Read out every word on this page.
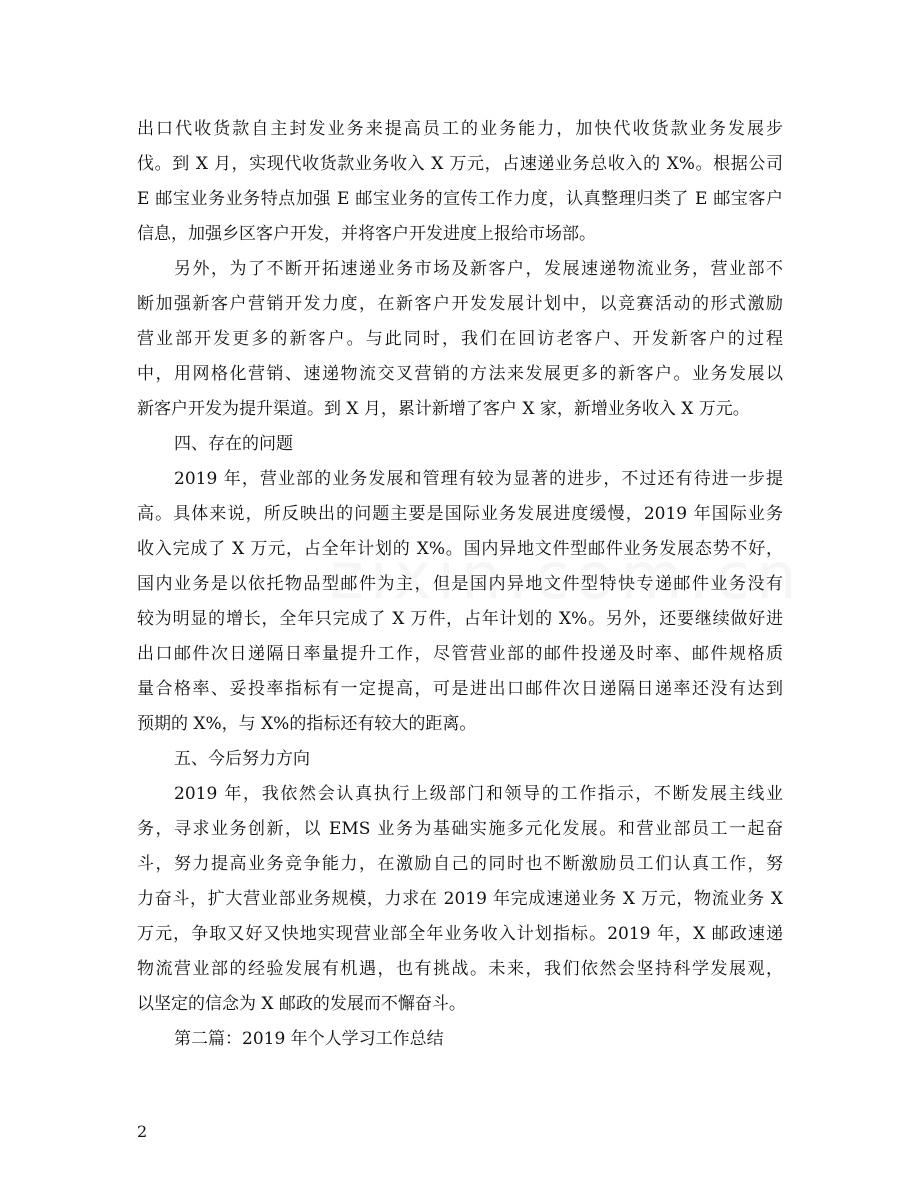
出口代收货款自主封发业务来提高员工的业务能力，加快代收货款业务发展步
伐。到 X 月，实现代收货款业务收入 X 万元，占速递业务总收入的 X%。根据公司
E 邮宝业务业务特点加强 E 邮宝业务的宣传工作力度，认真整理归类了 E 邮宝客户
信息，加强乡区客户开发，并将客户开发进度上报给市场部。
另外，为了不断开拓速递业务市场及新客户，发展速递物流业务，营业部不
断加强新客户营销开发力度，在新客户开发发展计划中，以竞赛活动的形式激励
营业部开发更多的新客户。与此同时，我们在回访老客户、开发新客户的过程
中，用网格化营销、速递物流交叉营销的方法来发展更多的新客户。业务发展以
新客户开发为提升渠道。到 X 月，累计新增了客户 X 家，新增业务收入 X 万元。
四、存在的问题
2019 年，营业部的业务发展和管理有较为显著的进步，不过还有待进一步提
高。具体来说，所反映出的问题主要是国际业务发展进度缓慢，2019 年国际业务
收入完成了 X 万元，占全年计划的 X%。国内异地文件型邮件业务发展态势不好，
国内业务是以依托物品型邮件为主，但是国内异地文件型特快专递邮件业务没有
较为明显的增长，全年只完成了 X 万件，占年计划的 X%。另外，还要继续做好进
出口邮件次日递隔日率量提升工作，尽管营业部的邮件投递及时率、邮件规格质
量合格率、妥投率指标有一定提高，可是进出口邮件次日递隔日递率还没有达到
预期的 X%，与 X%的指标还有较大的距离。
五、今后努力方向
2019 年，我依然会认真执行上级部门和领导的工作指示，不断发展主线业
务，寻求业务创新，以 EMS 业务为基础实施多元化发展。和营业部员工一起奋
斗，努力提高业务竞争能力，在激励自己的同时也不断激励员工们认真工作，努
力奋斗，扩大营业部业务规模，力求在 2019 年完成速递业务 X 万元，物流业务 X
万元，争取又好又快地实现营业部全年业务收入计划指标。2019 年，X 邮政速递
物流营业部的经验发展有机遇，也有挑战。未来，我们依然会坚持科学发展观，
以坚定的信念为 X 邮政的发展而不懈奋斗。
第二篇：2019 年个人学习工作总结
2
